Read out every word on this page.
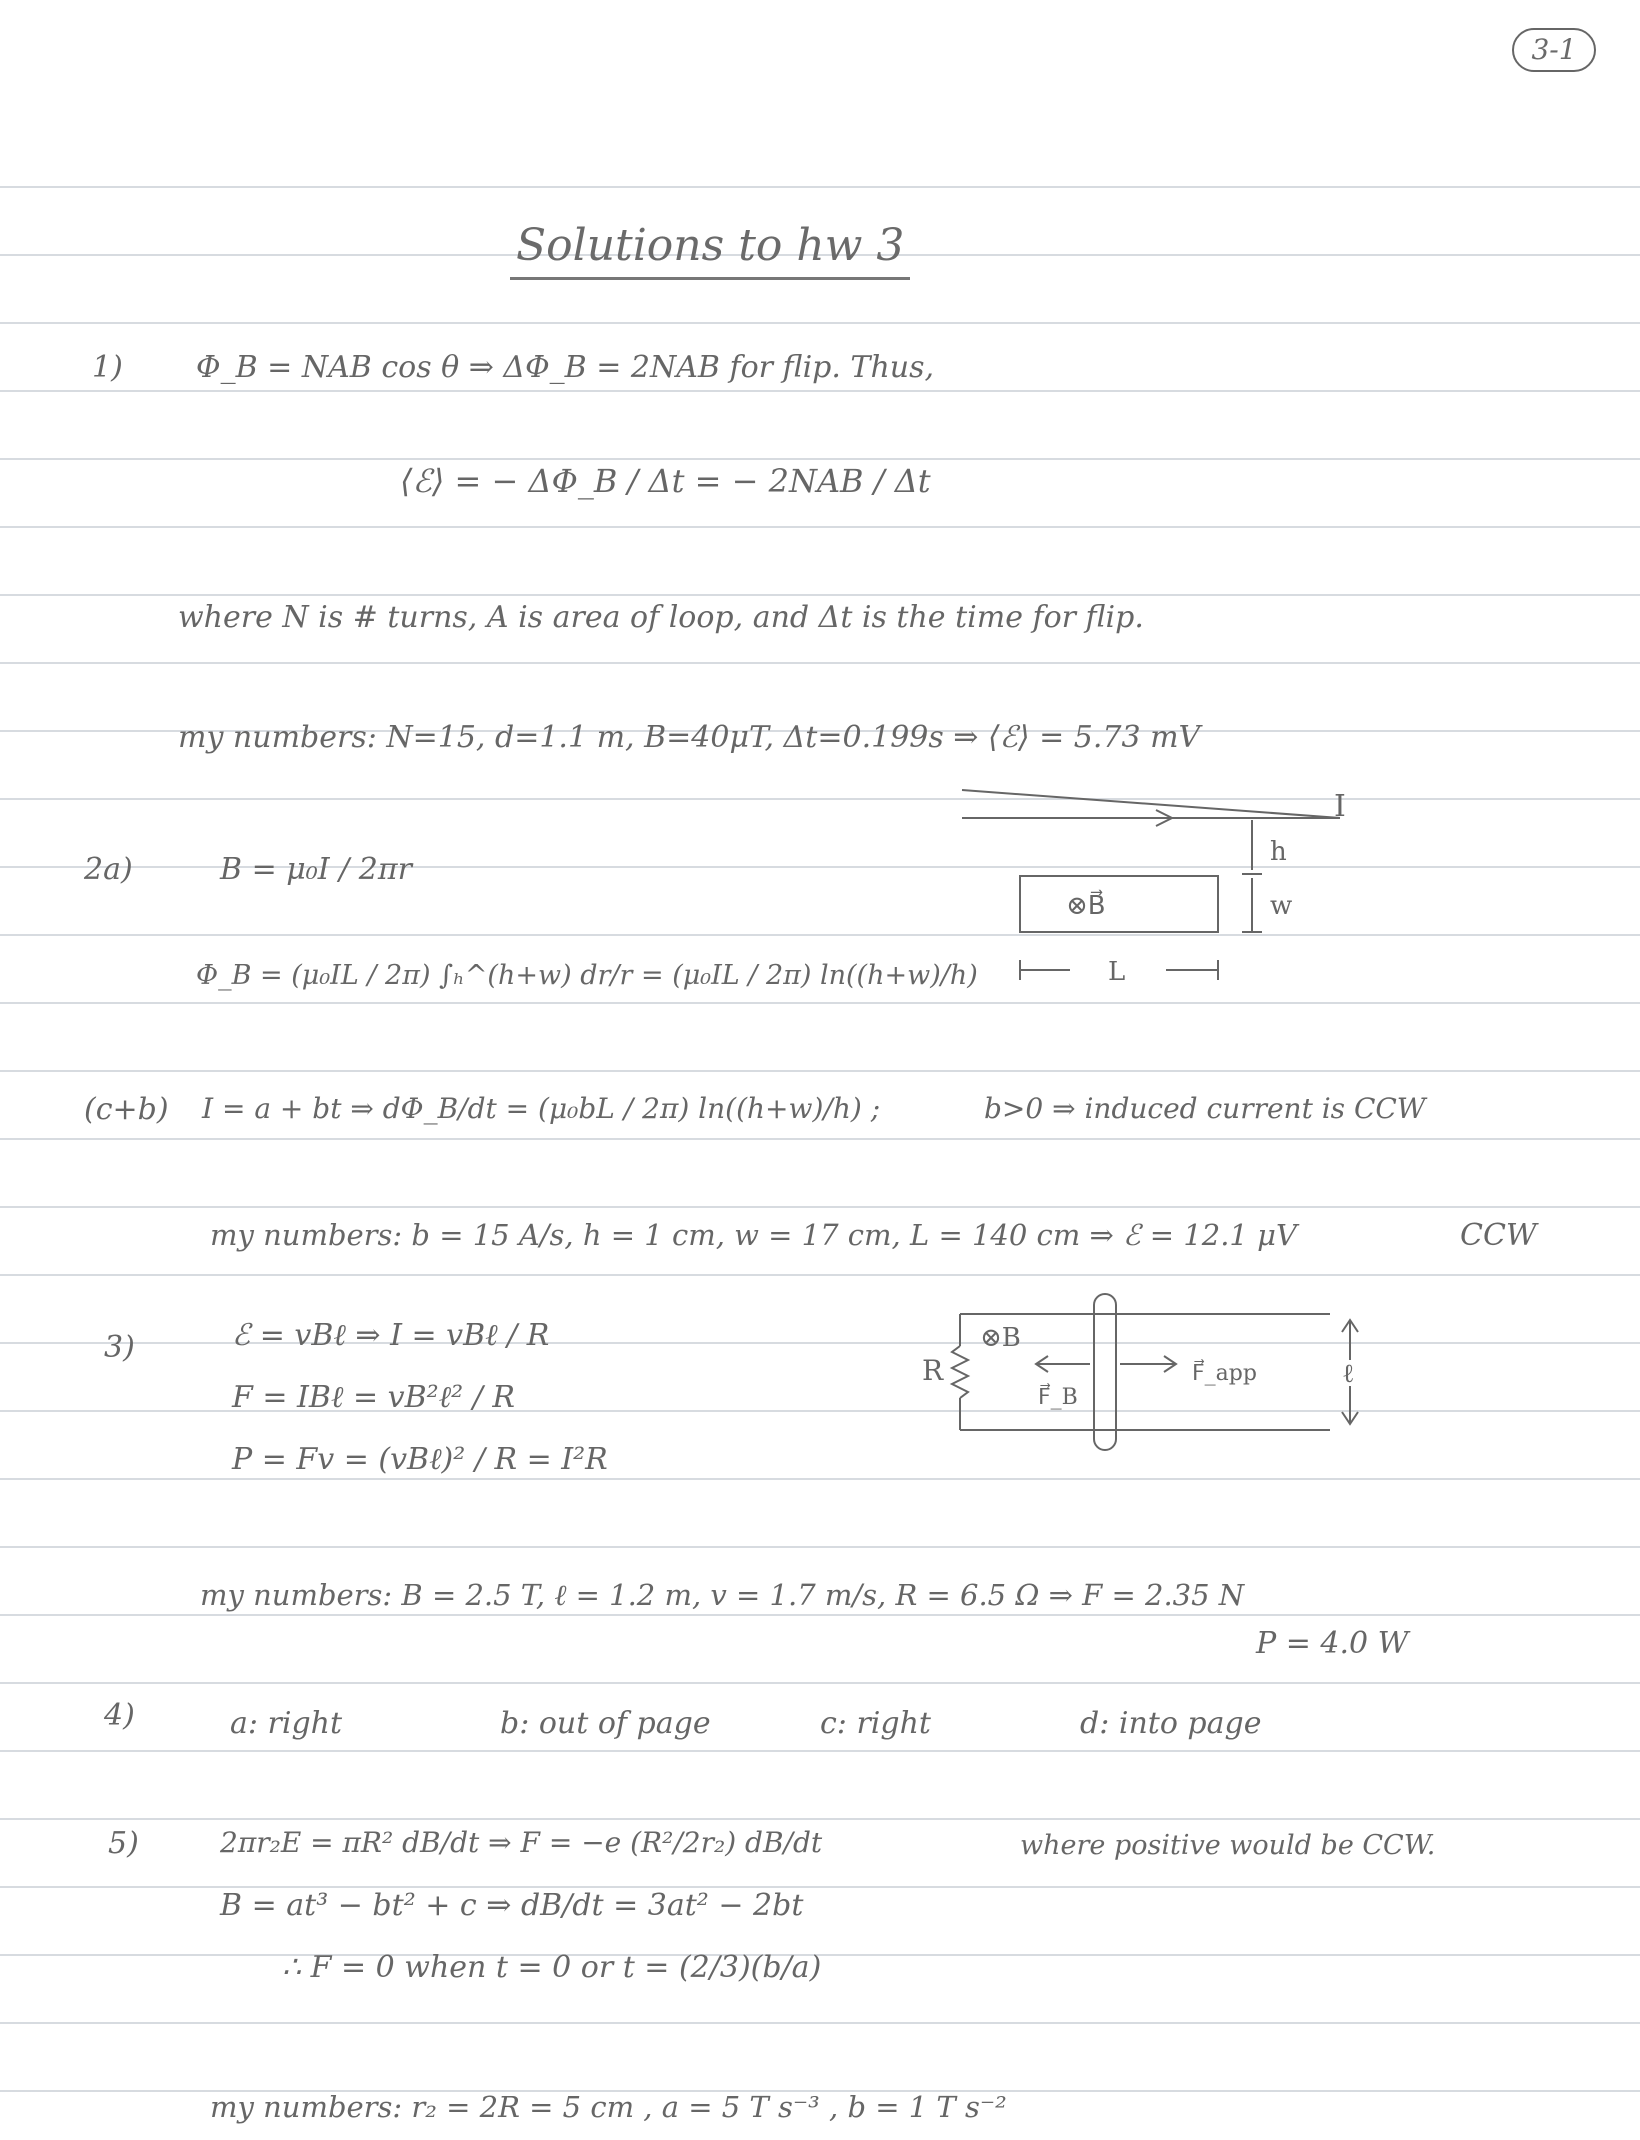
3-1
Solutions to hw 3
1) Φ_B = NAB cos θ ⇒ ΔΦ_B = 2NAB for flip. Thus,
⟨ℰ⟩ = − ΔΦ_B / Δt = − 2NAB / Δt
where N is # turns, A is area of loop, and Δt is the time for flip.
my numbers: N=15, d=1.1 m, B=40μT, Δt=0.199s ⇒ ⟨ℰ⟩ = 5.73 mV
2a)	B = μ₀I / 2πr
Φ_B = (μ₀IL / 2π) ∫ₕ^(h+w) dr/r = (μ₀IL / 2π) ln((h+w)/h)
(c+b) I = a + bt ⇒ dΦ_B/dt = (μ₀bL / 2π) ln((h+w)/h) ;	b>0 ⇒ induced current is CCW
my numbers: b = 15 A/s, h = 1 cm, w = 17 cm, L = 140 cm ⇒ ℰ = 12.1 μV	CCW
I
⊗B⃗
h
w
L
3)	ℰ = vBℓ ⇒ I = vBℓ / R
F = IBℓ = vB²ℓ² / R
P = Fv = (vBℓ)² / R = I²R
my numbers: B = 2.5 T, ℓ = 1.2 m, v = 1.7 m/s, R = 6.5 Ω ⇒ F = 2.35 N
P = 4.0 W
R
⊗B
F⃗_B
F⃗_app	ℓ
4)	a: right	b: out of page	c: right	d: into page
5)	2πr₂E = πR² dB/dt ⇒ F = −e (R²/2r₂) dB/dt	where positive would be CCW.
B = at³ − bt² + c ⇒ dB/dt = 3at² − 2bt
∴ F = 0 when t = 0 or t = (2/3)(b/a)
my numbers: r₂ = 2R = 5 cm , a = 5 T s⁻³ , b = 1 T s⁻²
